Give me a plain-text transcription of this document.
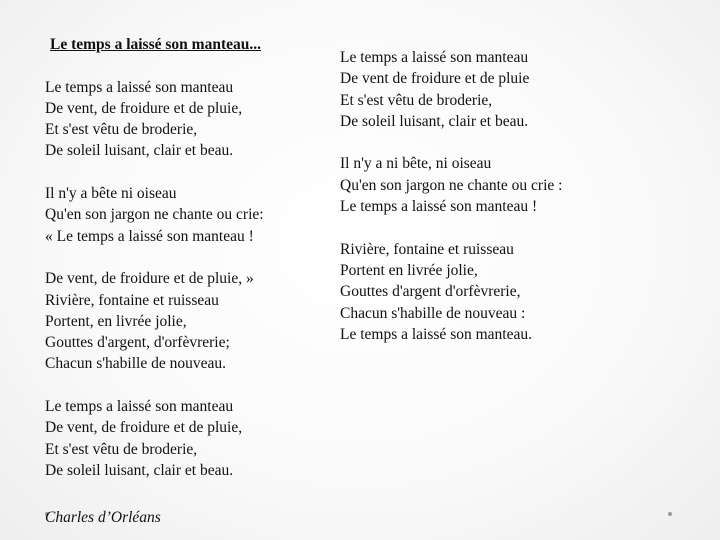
Le temps a laissé son manteau...
Le temps a laissé son manteau
De vent, de froidure et de pluie,
Et s'est vêtu de broderie,
De soleil luisant, clair et beau.
Il n'y a bête ni oiseau
Qu'en son jargon ne chante ou crie:
« Le temps a laissé son manteau !
De vent, de froidure et de pluie, »
Rivière, fontaine et ruisseau
Portent, en livrée jolie,
Gouttes d'argent, d'orfèvrerie;
Chacun s'habille de nouveau.
Le temps a laissé son manteau
De vent, de froidure et de pluie,
Et s'est vêtu de broderie,
De soleil luisant, clair et beau.
Le temps a laissé son manteau
De vent de froidure et de pluie
Et s'est vêtu de broderie,
De soleil luisant, clair et beau.
Il n'y a ni bête, ni oiseau
Qu'en son jargon ne chante ou crie :
Le temps a laissé son manteau !
Rivière, fontaine et ruisseau
Portent en livrée jolie,
Gouttes d'argent d'orfèvrerie,
Chacun s'habille de nouveau :
Le temps a laissé son manteau.
Charles d’Orléans
